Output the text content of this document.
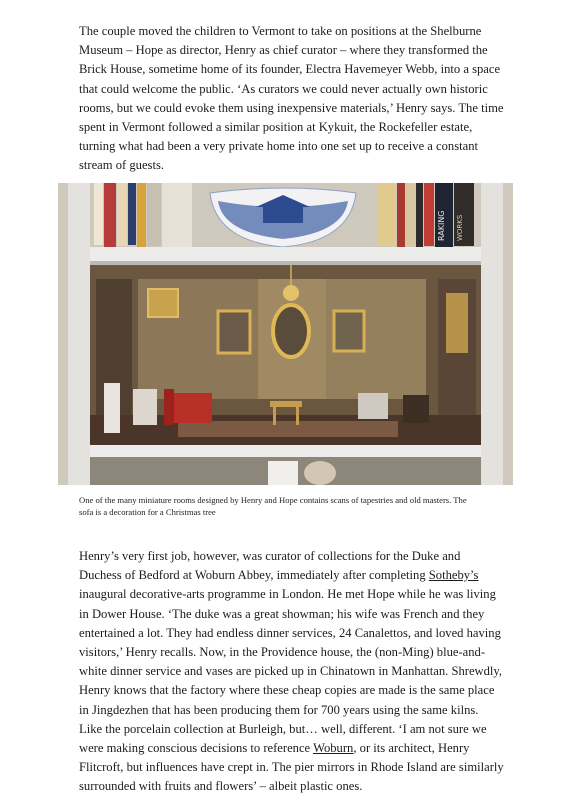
The couple moved the children to Vermont to take on positions at the Shelburne Museum – Hope as director, Henry as chief curator – where they transformed the Brick House, sometime home of its founder, Electra Havemeyer Webb, into a space that could welcome the public. ‘As curators we could never actually own historic rooms, but we could evoke them using inexpensive materials,’ Henry says. The time spent in Vermont followed a similar position at Kykuit, the Rockefeller estate, turning what had been a very private home into one set up to receive a constant stream of guests.

WORKS
RAKING

One of the many miniature rooms designed by Henry and Hope contains scans of tapestries and old masters. The sofa is a decoration for a Christmas tree

Henry’s very first job, however, was curator of collections for the Duke and Duchess of Bedford at Woburn Abbey, immediately after completing Sotheby’s inaugural decorative-arts programme in London. He met Hope while he was living in Dower House. ‘The duke was a great showman; his wife was French and they entertained a lot. They had endless dinner services, 24 Canalettos, and loved having visitors,’ Henry recalls. Now, in the Providence house, the (non-Ming) blue-and-white dinner service and vases are picked up in Chinatown in Manhattan. Shrewdly, Henry knows that the factory where these cheap copies are made is the same place in Jingdezhen that has been producing them for 700 years using the same kilns. Like the porcelain collection at Burleigh, but… well, different. ‘I am not sure we were making conscious decisions to reference Woburn, or its architect, Henry Flitcroft, but influences have crept in. The pier mirrors in Rhode Island are similarly surrounded with fruits and flowers’ – albeit plastic ones.
